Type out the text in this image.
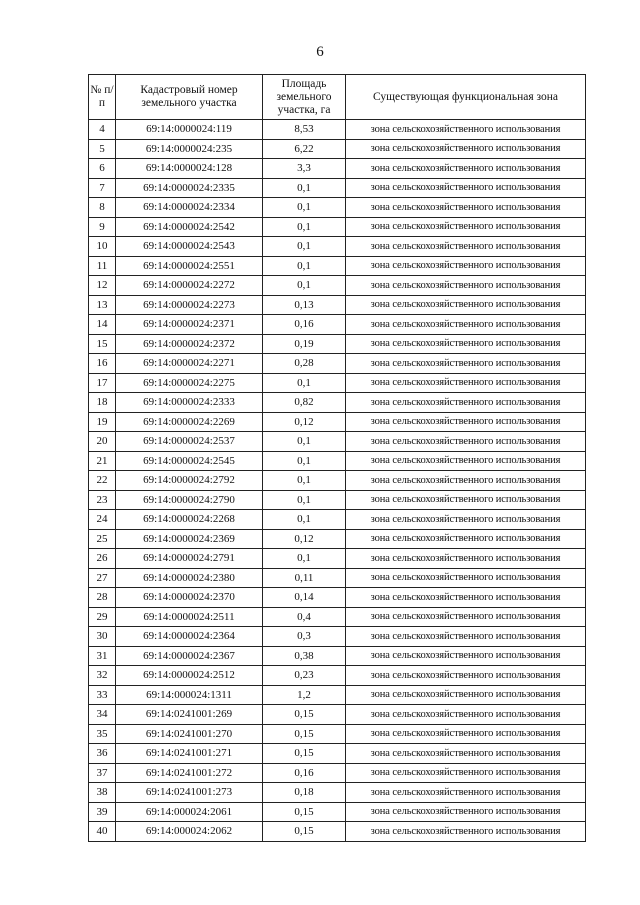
6
№ п/п	Кадастровый номер земельного участка	Площадь земельного участка, га	Существующая функциональная зона
4	69:14:0000024:119	8,53	зона сельскохозяйственного использования
5	69:14:0000024:235	6,22	зона сельскохозяйственного использования
6	69:14:0000024:128	3,3	зона сельскохозяйственного использования
7	69:14:0000024:2335	0,1	зона сельскохозяйственного использования
8	69:14:0000024:2334	0,1	зона сельскохозяйственного использования
9	69:14:0000024:2542	0,1	зона сельскохозяйственного использования
10	69:14:0000024:2543	0,1	зона сельскохозяйственного использования
11	69:14:0000024:2551	0,1	зона сельскохозяйственного использования
12	69:14:0000024:2272	0,1	зона сельскохозяйственного использования
13	69:14:0000024:2273	0,13	зона сельскохозяйственного использования
14	69:14:0000024:2371	0,16	зона сельскохозяйственного использования
15	69:14:0000024:2372	0,19	зона сельскохозяйственного использования
16	69:14:0000024:2271	0,28	зона сельскохозяйственного использования
17	69:14:0000024:2275	0,1	зона сельскохозяйственного использования
18	69:14:0000024:2333	0,82	зона сельскохозяйственного использования
19	69:14:0000024:2269	0,12	зона сельскохозяйственного использования
20	69:14:0000024:2537	0,1	зона сельскохозяйственного использования
21	69:14:0000024:2545	0,1	зона сельскохозяйственного использования
22	69:14:0000024:2792	0,1	зона сельскохозяйственного использования
23	69:14:0000024:2790	0,1	зона сельскохозяйственного использования
24	69:14:0000024:2268	0,1	зона сельскохозяйственного использования
25	69:14:0000024:2369	0,12	зона сельскохозяйственного использования
26	69:14:0000024:2791	0,1	зона сельскохозяйственного использования
27	69:14:0000024:2380	0,11	зона сельскохозяйственного использования
28	69:14:0000024:2370	0,14	зона сельскохозяйственного использования
29	69:14:0000024:2511	0,4	зона сельскохозяйственного использования
30	69:14:0000024:2364	0,3	зона сельскохозяйственного использования
31	69:14:0000024:2367	0,38	зона сельскохозяйственного использования
32	69:14:0000024:2512	0,23	зона сельскохозяйственного использования
33	69:14:000024:1311	1,2	зона сельскохозяйственного использования
34	69:14:0241001:269	0,15	зона сельскохозяйственного использования
35	69:14:0241001:270	0,15	зона сельскохозяйственного использования
36	69:14:0241001:271	0,15	зона сельскохозяйственного использования
37	69:14:0241001:272	0,16	зона сельскохозяйственного использования
38	69:14:0241001:273	0,18	зона сельскохозяйственного использования
39	69:14:000024:2061	0,15	зона сельскохозяйственного использования
40	69:14:000024:2062	0,15	зона сельскохозяйственного использования
